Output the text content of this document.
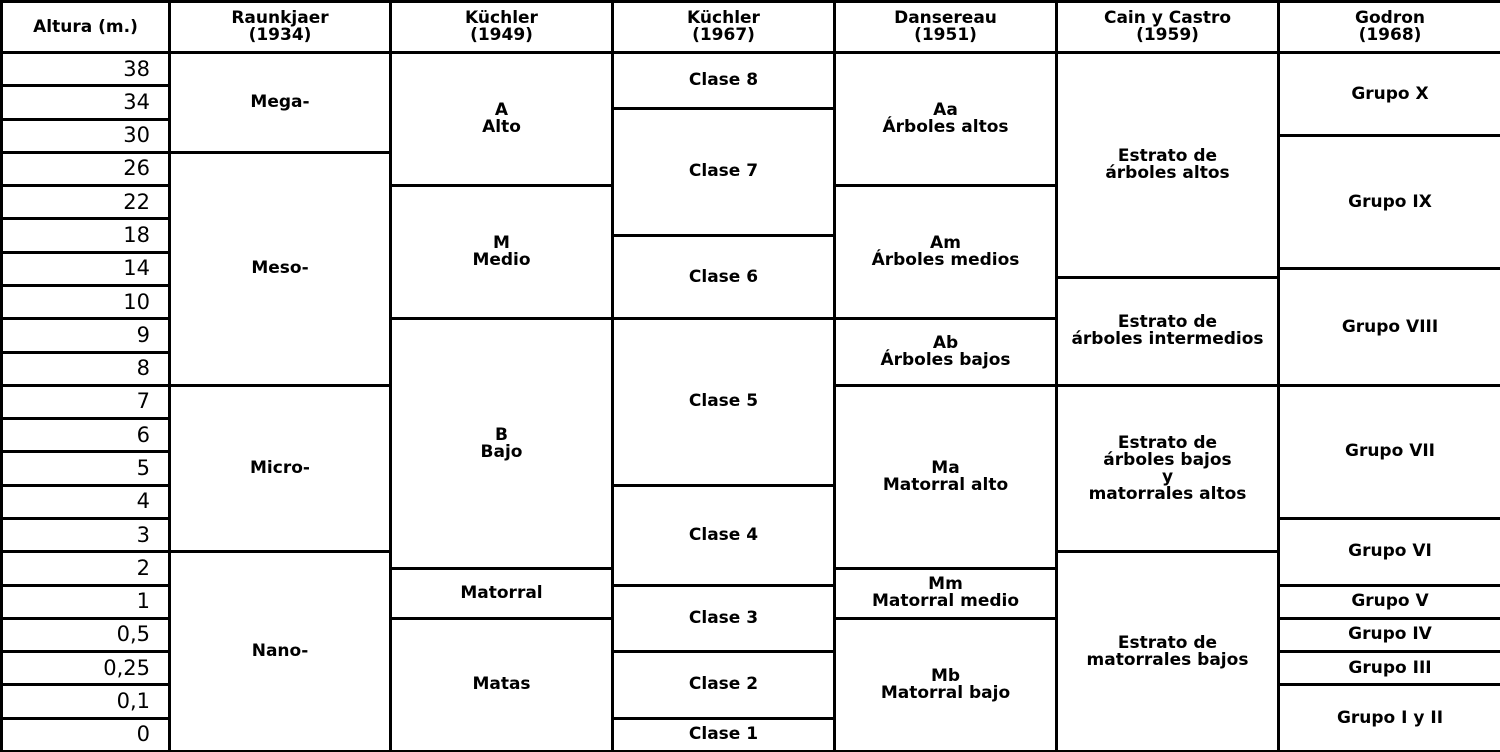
Altura (m.)	Raunkjaer
(1934)
Küchler
(1949)
Küchler
(1967)
Dansereau
(1951)
Cain y Castro
(1959)
Godron
(1968)
38
34
30
26
22
18
14
10
9
8
7
6
5
4
3
2
1
0,5
0,25
0,1
0
Mega-
Meso-
Micro-
Nano-
A
Alto
M
Medio
B
Bajo
Matorral
Matas
Clase 8
Clase 7
Clase 6
Clase 5
Clase 4
Clase 3
Clase 2
Clase 1
Aa
Árboles altos
Am
Árboles medios
Ab
Árboles bajos
Ma
Matorral alto
Mm
Matorral medio
Mb
Matorral bajo
Estrato de
árboles altos
Estrato de
árboles intermedios
Estrato de
árboles bajos
y
matorrales altos
Estrato de
matorrales bajos
Grupo X
Grupo IX
Grupo VIII
Grupo VII
Grupo VI
Grupo V
Grupo IV
Grupo III
Grupo I y II
